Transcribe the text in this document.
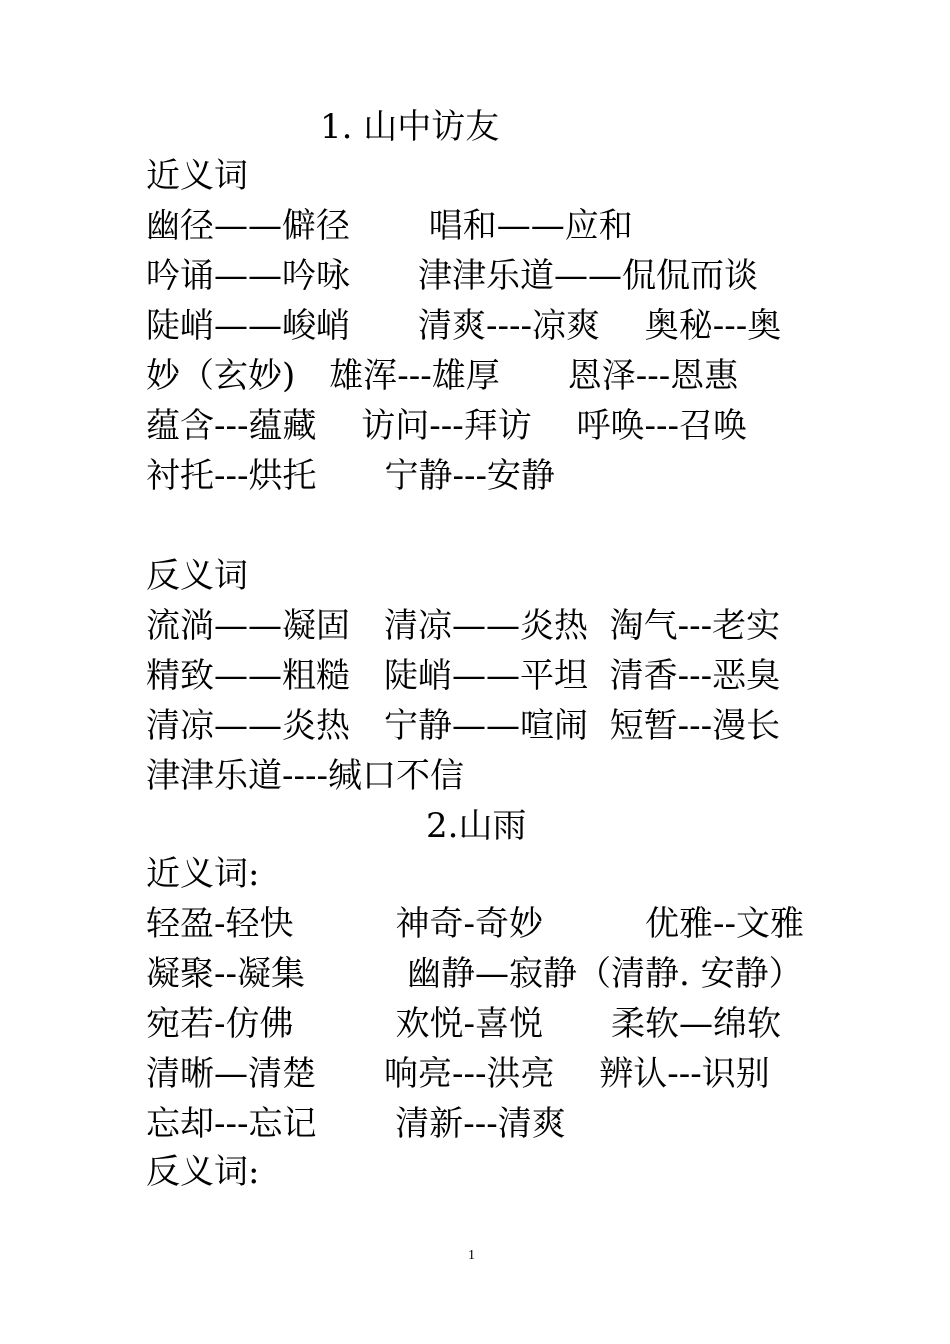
1. 山中访友
近义词
幽径——僻径　　 唱和——应和
吟诵——吟咏　　津津乐道——侃侃而谈
陡峭——峻峭　　清爽----凉爽　 奥秘---奥
妙（玄妙)　雄浑---雄厚　　恩泽---恩惠
蕴含---蕴藏　 访问---拜访　 呼唤---召唤
衬托---烘托　　宁静---安静
反义词
流淌——凝固　清凉——炎热  淘气---老实
精致——粗糙　陡峭——平坦  清香---恶臭
清凉——炎热　宁静——喧闹  短暂---漫长
津津乐道----缄口不信
2.山雨
近义词:
轻盈-轻快　　　神奇-奇妙　　　优雅--文雅
凝聚--凝集　　　幽静—寂静（清静. 安静）
宛若-仿佛　　　欢悦-喜悦　　柔软—绵软
清晰—清楚　　响亮---洪亮　 辨认---识别
忘却---忘记　　 清新---清爽
反义词:
1
